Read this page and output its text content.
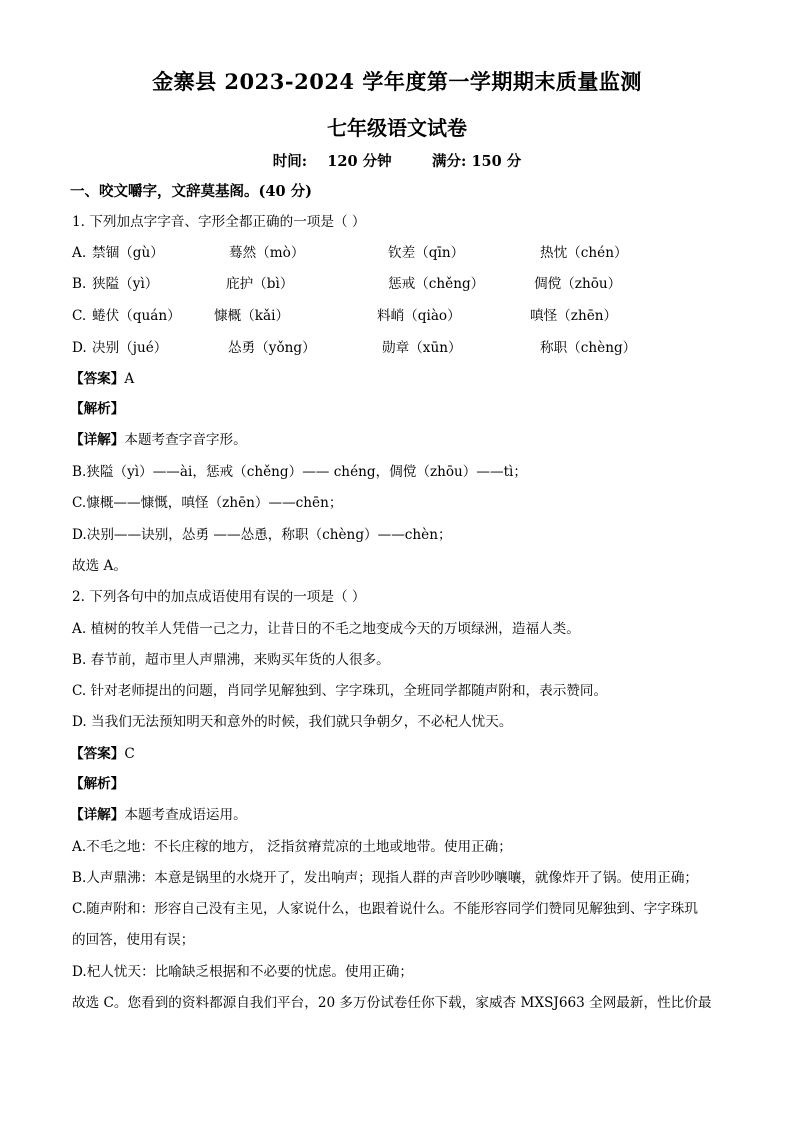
金寨县 2023-2024 学年度第一学期期末质量监测
七年级语文试卷
时间: 120 分钟	满分: 150 分
一、咬文嚼字，文辞莫基阁。(40 分)
1. 下列加点字字音、字形全都正确的一项是（ ）
A. 禁锢（gù）	蓦然（mò）	钦差（qīn）	热忱（chén）
B. 狭隘（yì）	庇护（bì）	惩戒（chěng）	倜傥（zhōu）
C. 蜷伏（quán） 慷概（kǎi）	料峭（qiào）	嗔怪（zhēn）
D. 决别（jué）	怂勇（yǒng）	勋章（xūn）	称职（chèng）
【答案】A
【解析】
【详解】本题考查字音字形。
B.狭隘（yì）——ài，惩戒（chěng）—— chéng，倜傥（zhōu）——tì；
C.慷概——慷慨，嗔怪（zhēn）——chēn；
D.决别——诀别，怂勇 ——怂恿，称职（chèng）——chèn；
故选 A。
2. 下列各句中的加点成语使用有误的一项是（ ）
A. 植树的牧羊人凭借一己之力，让昔日的不毛之地变成今天的万顷绿洲，造福人类。
B. 春节前，超市里人声鼎沸，来购买年货的人很多。
C. 针对老师提出的问题，肖同学见解独到、字字珠玑，全班同学都随声附和，表示赞同。
D. 当我们无法预知明天和意外的时候，我们就只争朝夕，不必杞人忧天。
【答案】C
【解析】
【详解】本题考查成语运用。
A.不毛之地：不长庄稼的地方， 泛指贫瘠荒凉的土地或地带。使用正确；
B.人声鼎沸：本意是锅里的水烧开了，发出响声；现指人群的声音吵吵嚷嚷，就像炸开了锅。使用正确；
C.随声附和：形容自己没有主见，人家说什么，也跟着说什么。不能形容同学们赞同见解独到、字字珠玑
的回答，使用有误；
D.杞人忧天：比喻缺乏根据和不必要的忧虑。使用正确；
故选 C。您看到的资料都源自我们平台，20 多万份试卷任你下载，家威杏 MXSJ663 全网最新，性比价最
